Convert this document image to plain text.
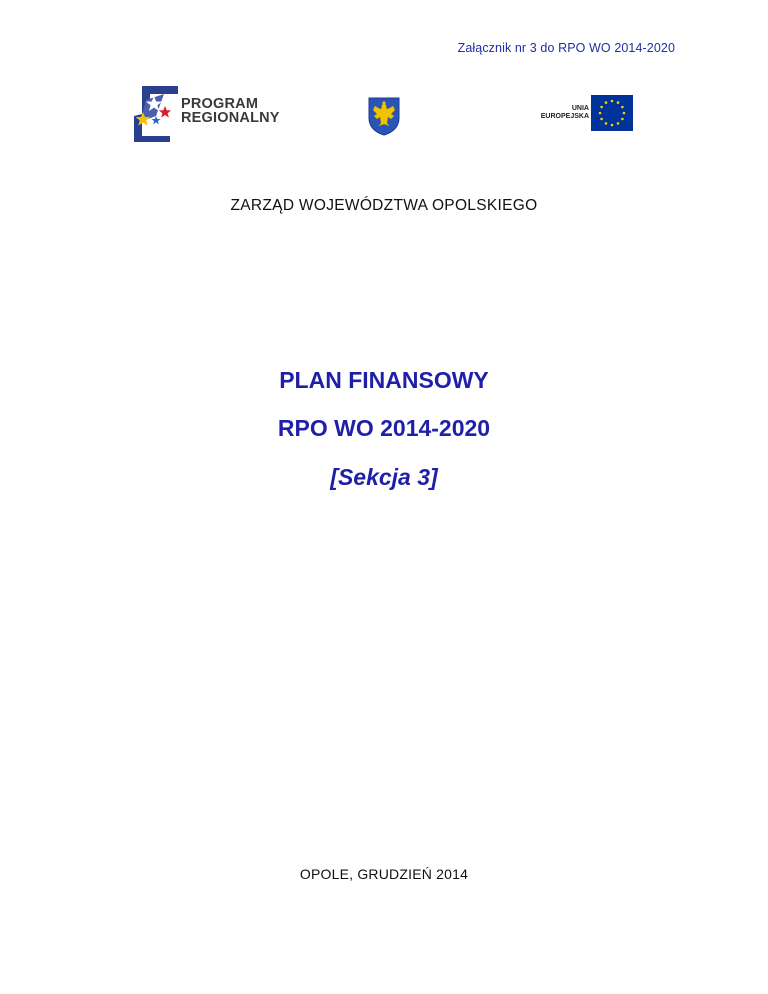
Załącznik nr 3 do RPO WO 2014-2020
PROGRAM
REGIONALNY
UNIA
EUROPEJSKA
ZARZĄD WOJEWÓDZTWA OPOLSKIEGO
PLAN FINANSOWY
RPO WO 2014-2020
[Sekcja 3]
OPOLE, GRUDZIEŃ 2014
